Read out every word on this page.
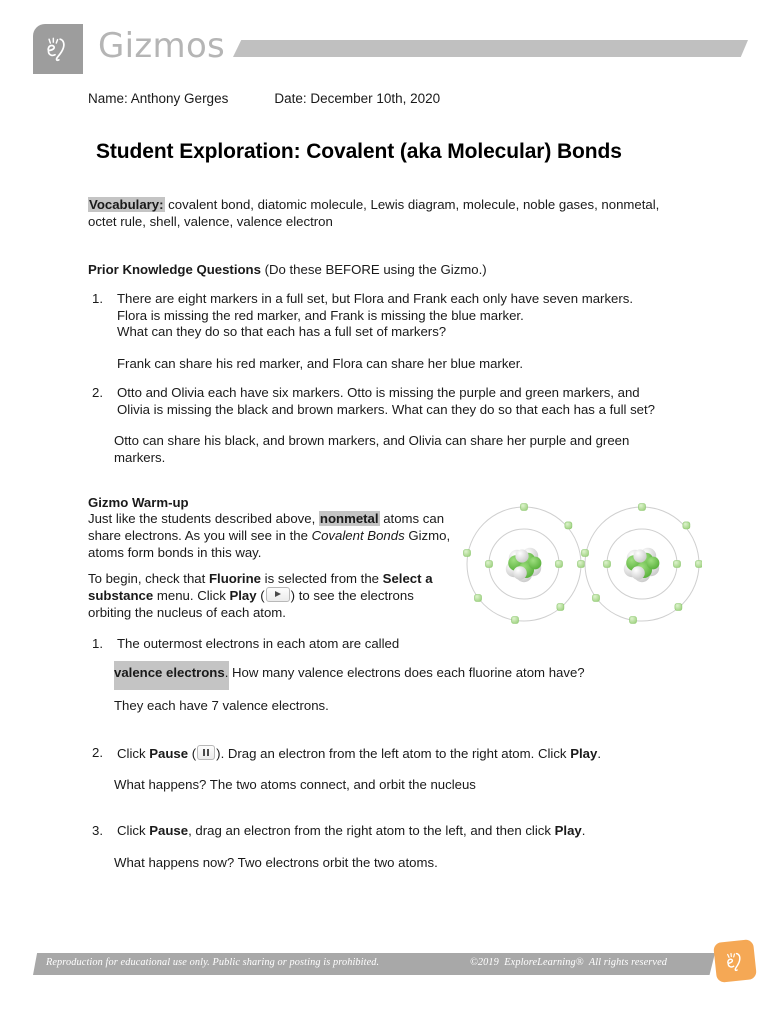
Gizmos
Name: Anthony Gerges	Date: December 10th, 2020
Student Exploration: Covalent (aka Molecular) Bonds
Vocabulary: covalent bond, diatomic molecule, Lewis diagram, molecule, noble gases, nonmetal, octet rule, shell, valence, valence electron
Prior Knowledge Questions (Do these BEFORE using the Gizmo.)
1.	There are eight markers in a full set, but Flora and Frank each only have seven markers.
Flora is missing the red marker, and Frank is missing the blue marker.
What can they do so that each has a full set of markers?
Frank can share his red marker, and Flora can share her blue marker.
2.	Otto and Olivia each have six markers. Otto is missing the purple and green markers, and
Olivia is missing the black and brown markers. What can they do so that each has a full set?
Otto can share his black, and brown markers, and Olivia can share her purple and green markers.
Gizmo Warm-up
Just like the students described above, nonmetal atoms can share electrons. As you will see in the Covalent Bonds Gizmo, atoms form bonds in this way.
To begin, check that Fluorine is selected from the Select a substance menu. Click Play ( ) to see the electrons orbiting the nucleus of each atom.
1.	The outermost electrons in each atom are called
valence electrons. How many valence electrons does each fluorine atom have?
They each have 7 valence electrons.
2.	Click Pause ( ). Drag an electron from the left atom to the right atom. Click Play.
What happens? The two atoms connect, and orbit the nucleus
3.	Click Pause, drag an electron from the right atom to the left, and then click Play.
What happens now? Two electrons orbit the two atoms.
Reproduction for educational use only. Public sharing or posting is prohibited.	©2019  ExploreLearning®  All rights reserved
